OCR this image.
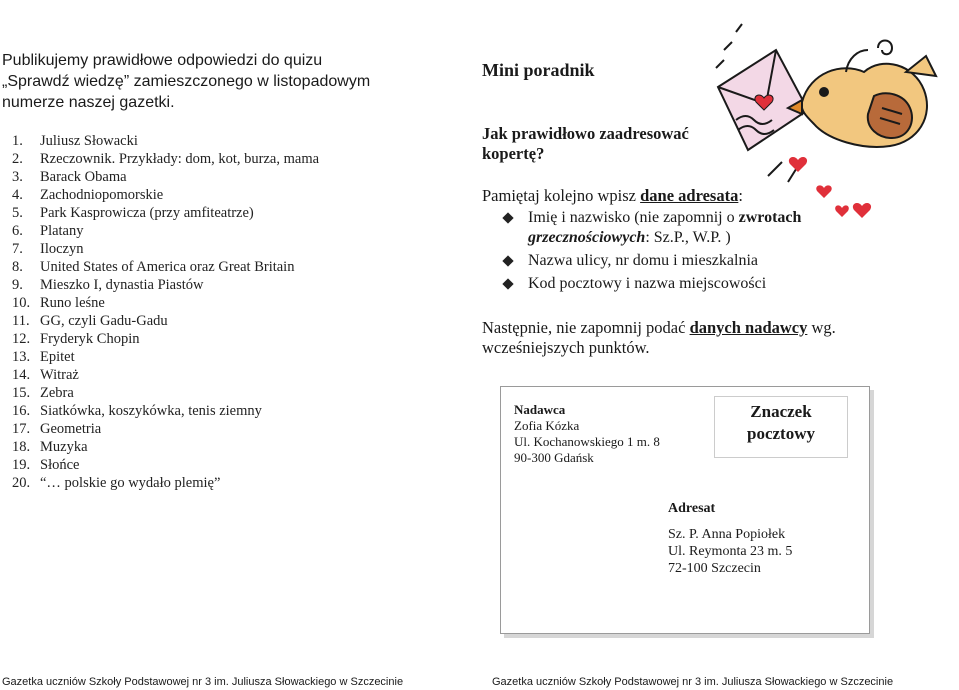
Publikujemy prawidłowe odpowiedzi do quizu
„Sprawdź wiedzę” zamieszczonego w listopadowym
numerze naszej gazetki.
1.	Juliusz Słowacki
2.	Rzeczownik. Przykłady: dom, kot, burza, mama
3.	Barack Obama
4.	Zachodniopomorskie
5.	Park Kasprowicza (przy amfiteatrze)
6.	Platany
7.	Iloczyn
8.	United States of America oraz Great Britain
9.	Mieszko I, dynastia Piastów
10. Runo leśne
11. GG, czyli Gadu-Gadu
12. Fryderyk Chopin
13. Epitet
14. Witraż
15. Zebra
16. Siatkówka, koszykówka, tenis ziemny
17. Geometria
18. Muzyka
19. Słońce
20. “… polskie go wydało plemię”
Gazetka uczniów Szkoły Podstawowej nr 3 im. Juliusza Słowackiego w Szczecinie
Mini poradnik
Jak prawidłowo zaadresować kopertę?
Pamiętaj kolejno wpisz dane adresata:
Imię i nazwisko (nie zapomnij o zwrotach grzecznościowych: Sz.P., W.P. )
Nazwa ulicy, nr domu i mieszkalnia
Kod pocztowy i nazwa miejscowości
Następnie, nie zapomnij podać danych nadawcy wg. wcześniejszych punktów.
Nadawca
Zofia Kózka
Ul. Kochanowskiego 1 m. 8
90-300 Gdańsk
Znaczek
pocztowy
Adresat
Sz. P. Anna Popiołek
Ul. Reymonta 23 m. 5
72-100 Szczecin
Gazetka uczniów Szkoły Podstawowej nr 3 im. Juliusza Słowackiego w Szczecinie
